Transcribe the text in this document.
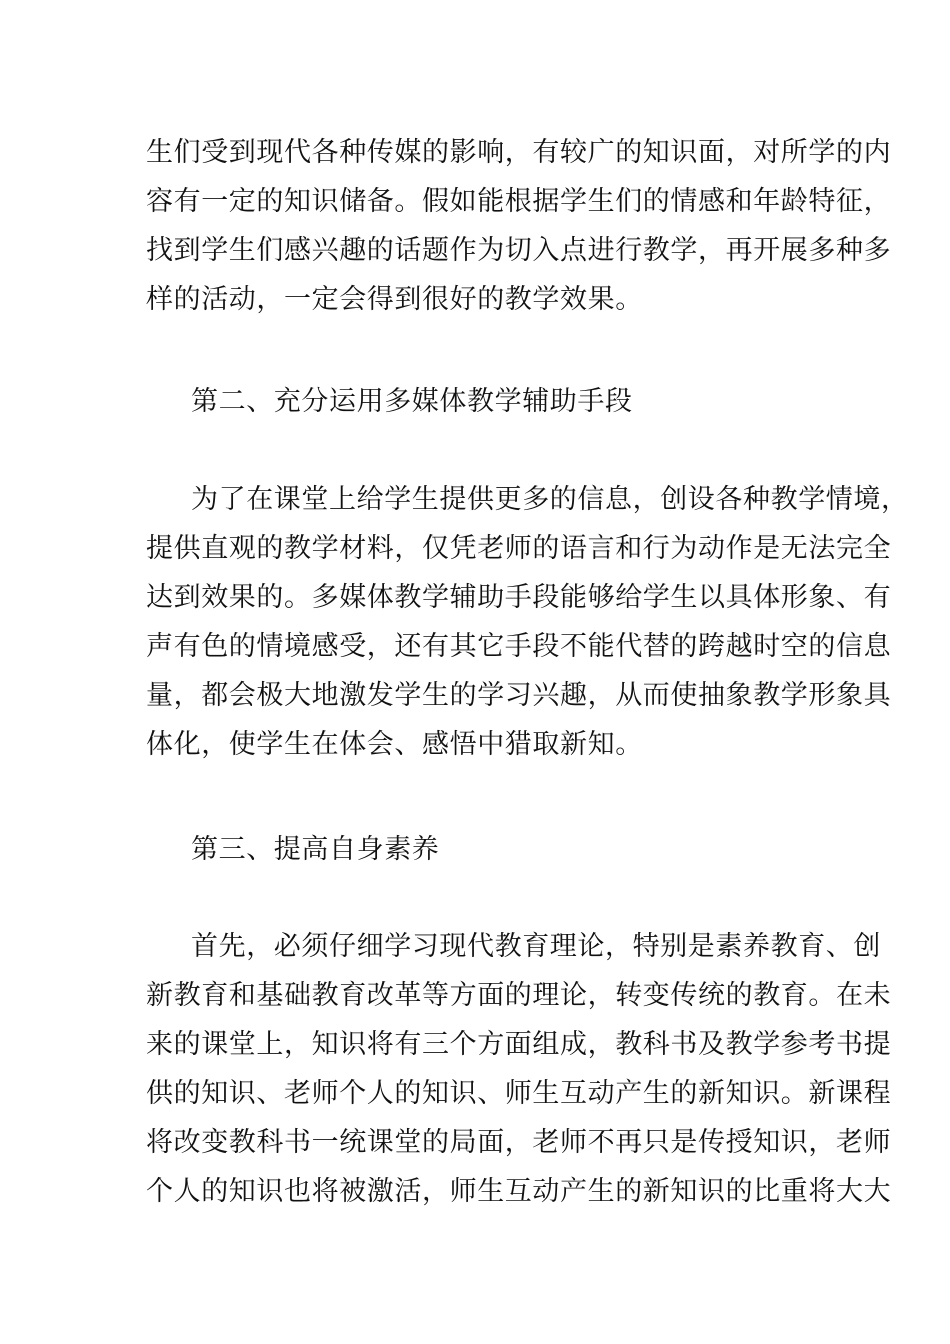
生们受到现代各种传媒的影响，有较广的知识面，对所学的内
容有一定的知识储备。假如能根据学生们的情感和年龄特征，
找到学生们感兴趣的话题作为切入点进行教学，再开展多种多
样的活动，一定会得到很好的教学效果。
第二、充分运用多媒体教学辅助手段
为了在课堂上给学生提供更多的信息，创设各种教学情境，
提供直观的教学材料，仅凭老师的语言和行为动作是无法完全
达到效果的。多媒体教学辅助手段能够给学生以具体形象、有
声有色的情境感受，还有其它手段不能代替的跨越时空的信息
量，都会极大地激发学生的学习兴趣，从而使抽象教学形象具
体化，使学生在体会、感悟中猎取新知。
第三、提高自身素养
首先，必须仔细学习现代教育理论，特别是素养教育、创
新教育和基础教育改革等方面的理论，转变传统的教育。在未
来的课堂上，知识将有三个方面组成，教科书及教学参考书提
供的知识、老师个人的知识、师生互动产生的新知识。新课程
将改变教科书一统课堂的局面，老师不再只是传授知识，老师
个人的知识也将被激活，师生互动产生的新知识的比重将大大
